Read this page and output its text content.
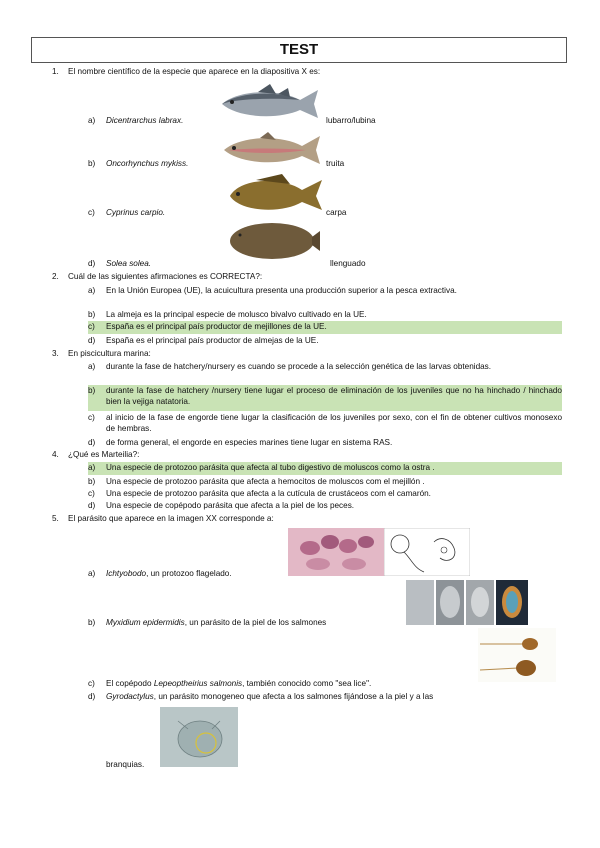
TEST
1. El nombre científico de la especie que aparece en la diapositiva X es:
a) Dicentrarchus labrax.	lubarro/lubina
b) Oncorhynchus mykiss.	truita
c) Cyprinus carpio.	carpa
d) Solea solea.	llenguado
2. Cuál de las siguientes afirmaciones es CORRECTA?:
a)	En la Unión Europea (UE), la acuicultura presenta una producción superior a la pesca extractiva.
b)	La almeja es la principal especie de molusco bivalvo cultivado en la UE.
c)	España es el principal país productor de mejillones de la UE.
d)	España es el principal país productor de almejas de la UE.
3. En piscicultura marina:
a)	durante la fase de hatchery/nursery es cuando se procede a la selección genética de las larvas obtenidas.
b)	durante la fase de hatchery /nursery tiene lugar el proceso de eliminación de los juveniles que no ha hinchado / hinchado bien la vejiga natatoria.
c)	al inicio de la fase de engorde tiene lugar la clasificación de los juveniles por sexo, con el fin de obtener cultivos monosexo de hembras.
d)	de forma general, el engorde en especies marines tiene lugar en sistema RAS.
4. ¿Qué es Marteilia?:
a)	Una especie de protozoo parásita que afecta al tubo digestivo de moluscos como la ostra .
b)	Una especie de protozoo parásita que afecta a hemocitos de moluscos com el mejillón .
c)	Una especie de protozoo parásita que afecta a la cutícula de crustáceos com el camarón.
d)	Una especie de copépodo parásita que afecta a la piel de los peces.
5. El parásito que aparece en la imagen XX corresponde a:
a) Ichtyobodo, un protozoo flagelado.
b) Myxidium epidermidis, un parásito de la piel de los salmones
c) El copépodo Lepeoptheirius salmonis, también conocido como "sea lice".
d) Gyrodactylus, un parásito monogeneo que afecta a los salmones fijándose a la piel y a las
branquias.
